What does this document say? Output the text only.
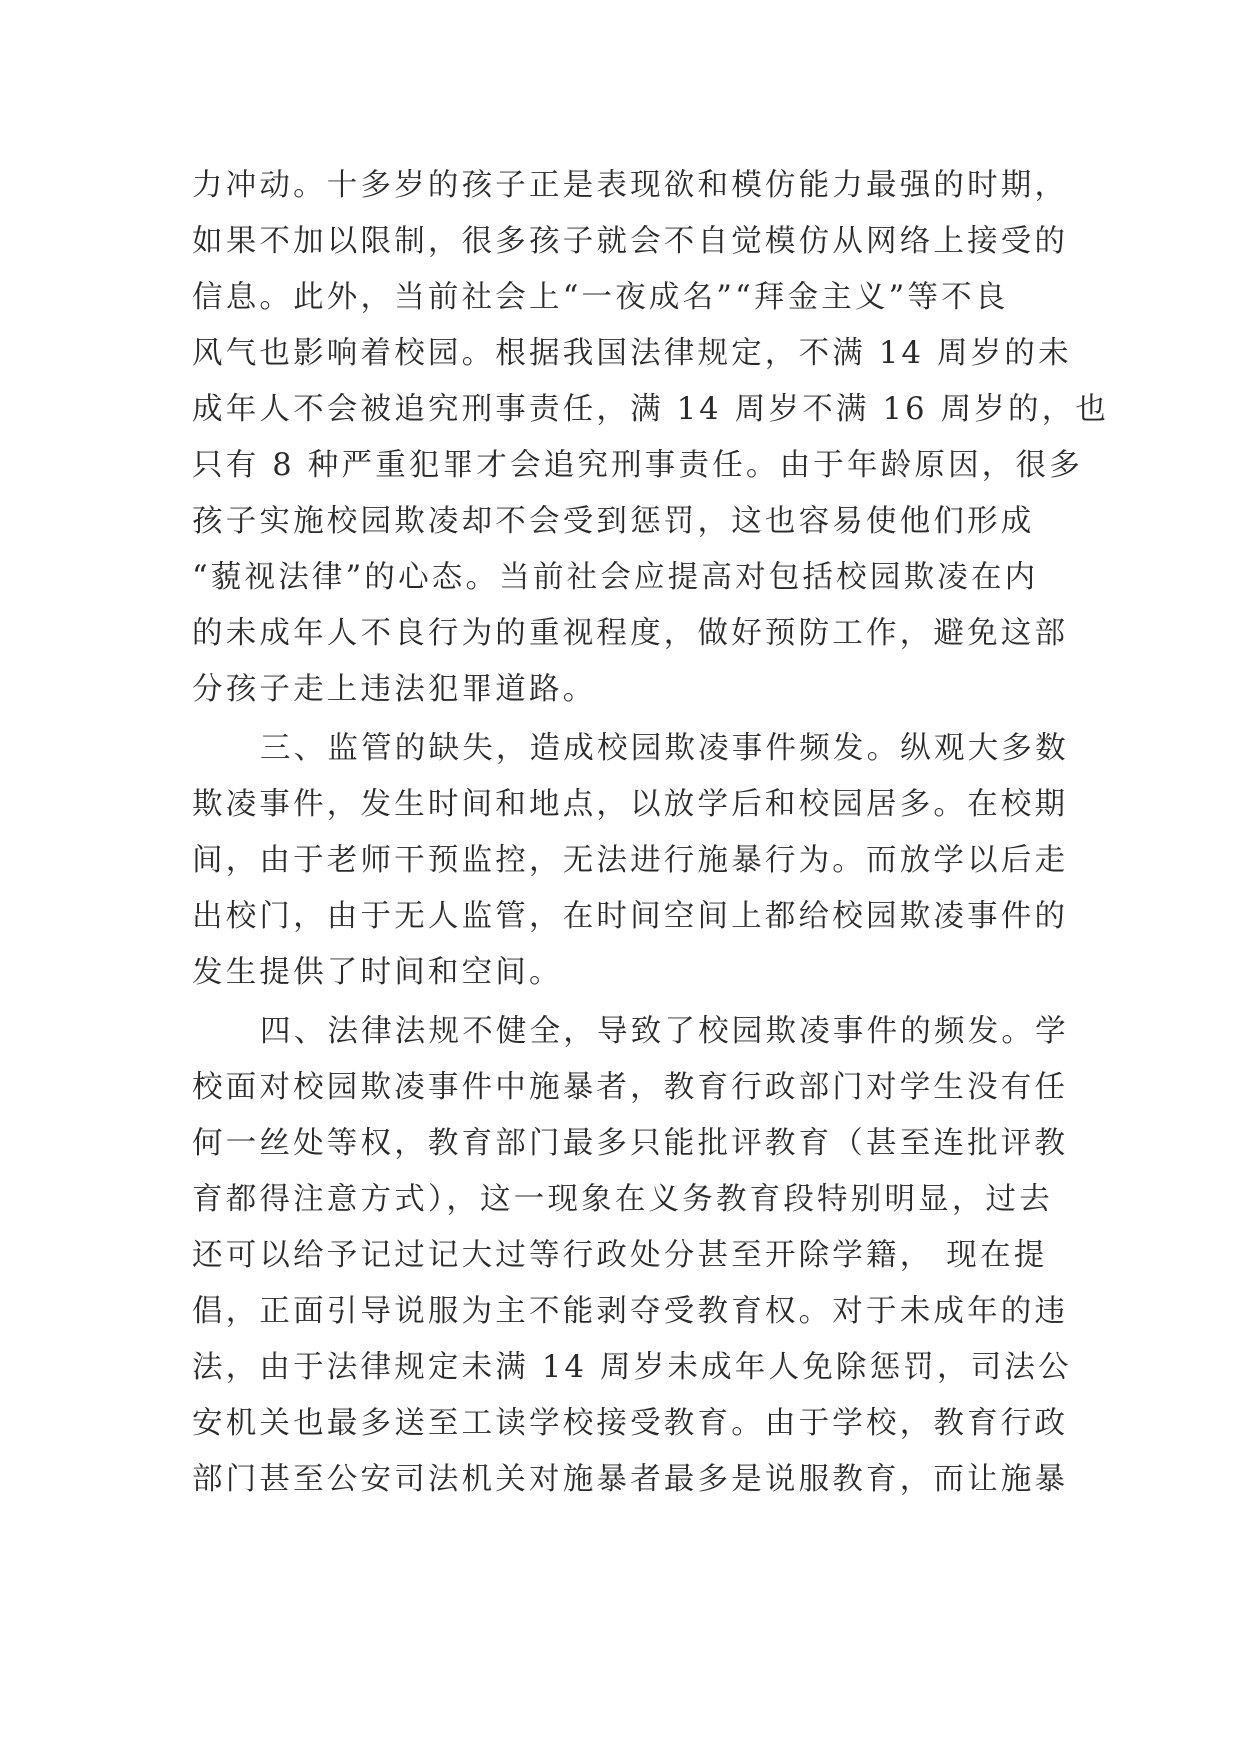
力冲动。十多岁的孩子正是表现欲和模仿能力最强的时期，
如果不加以限制，很多孩子就会不自觉模仿从网络上接受的
信息。此外，当前社会上“一夜成名”“拜金主义”等不良
风气也影响着校园。根据我国法律规定，不满 14 周岁的未
成年人不会被追究刑事责任，满 14 周岁不满 16 周岁的，也
只有 8 种严重犯罪才会追究刑事责任。由于年龄原因，很多
孩子实施校园欺凌却不会受到惩罚，这也容易使他们形成
“藐视法律”的心态。当前社会应提高对包括校园欺凌在内
的未成年人不良行为的重视程度，做好预防工作，避免这部
分孩子走上违法犯罪道路。
三、监管的缺失，造成校园欺凌事件频发。纵观大多数
欺凌事件，发生时间和地点，以放学后和校园居多。在校期
间，由于老师干预监控，无法进行施暴行为。而放学以后走
出校门，由于无人监管，在时间空间上都给校园欺凌事件的
发生提供了时间和空间。
四、法律法规不健全，导致了校园欺凌事件的频发。学
校面对校园欺凌事件中施暴者，教育行政部门对学生没有任
何一丝处等权，教育部门最多只能批评教育（甚至连批评教
育都得注意方式），这一现象在义务教育段特别明显，过去
还可以给予记过记大过等行政处分甚至开除学籍， 现在提
倡，正面引导说服为主不能剥夺受教育权。对于未成年的违
法，由于法律规定未满 14 周岁未成年人免除惩罚，司法公
安机关也最多送至工读学校接受教育。由于学校，教育行政
部门甚至公安司法机关对施暴者最多是说服教育，而让施暴
